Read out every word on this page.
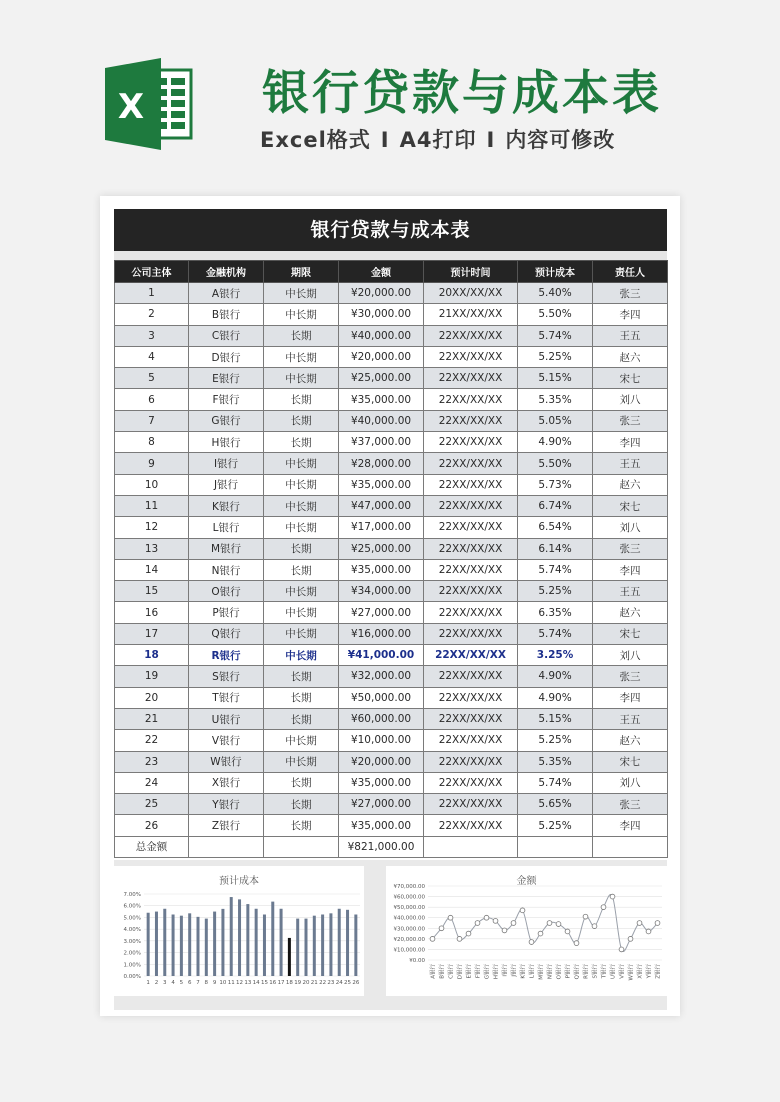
X	银行贷款与成本表
Excel格式 I A4打印 I 内容可修改
银行贷款与成本表
公司主体	金融机构	期限	金额	预计时间	预计成本	责任人
1	A银行	中长期	¥20,000.00	20XX/XX/XX	5.40%	张三
2	B银行	中长期	¥30,000.00	21XX/XX/XX	5.50%	李四
3	C银行	长期	¥40,000.00	22XX/XX/XX	5.74%	王五
4	D银行	中长期	¥20,000.00	22XX/XX/XX	5.25%	赵六
5	E银行	中长期	¥25,000.00	22XX/XX/XX	5.15%	宋七
6	F银行	长期	¥35,000.00	22XX/XX/XX	5.35%	刘八
7	G银行	长期	¥40,000.00	22XX/XX/XX	5.05%	张三
8	H银行	长期	¥37,000.00	22XX/XX/XX	4.90%	李四
9	I银行	中长期	¥28,000.00	22XX/XX/XX	5.50%	王五
10	J银行	中长期	¥35,000.00	22XX/XX/XX	5.73%	赵六
11	K银行	中长期	¥47,000.00	22XX/XX/XX	6.74%	宋七
12	L银行	中长期	¥17,000.00	22XX/XX/XX	6.54%	刘八
13	M银行	长期	¥25,000.00	22XX/XX/XX	6.14%	张三
14	N银行	长期	¥35,000.00	22XX/XX/XX	5.74%	李四
15	O银行	中长期	¥34,000.00	22XX/XX/XX	5.25%	王五
16	P银行	中长期	¥27,000.00	22XX/XX/XX	6.35%	赵六
17	Q银行	中长期	¥16,000.00	22XX/XX/XX	5.74%	宋七
18	R银行	中长期	¥41,000.00	22XX/XX/XX	3.25%	刘八
19	S银行	长期	¥32,000.00	22XX/XX/XX	4.90%	张三
20	T银行	长期	¥50,000.00	22XX/XX/XX	4.90%	李四
21	U银行	长期	¥60,000.00	22XX/XX/XX	5.15%	王五
22	V银行	中长期	¥10,000.00	22XX/XX/XX	5.25%	赵六
23	W银行	中长期	¥20,000.00	22XX/XX/XX	5.35%	宋七
24	X银行	长期	¥35,000.00	22XX/XX/XX	5.74%	刘八
25	Y银行	长期	¥27,000.00	22XX/XX/XX	5.65%	张三
26	Z银行	长期	¥35,000.00	22XX/XX/XX	5.25%	李四
总金额			¥821,000.00			
预计成本
0.00%
1.00%
2.00%
3.00%
4.00%
5.00%
6.00%
7.00%
1 2 3 4 5 6 7 8 9 10 11 12 13 14 15 16 17 18 19 20 21 22 23 24 25 26
金额
¥0.00
¥10,000.00
¥20,000.00
¥30,000.00
¥40,000.00
¥50,000.00
¥60,000.00
¥70,000.00
A银行 B银行 C银行 D银行 E银行 F银行 G银行 H银行 I银行 J银行 K银行 L银行 M银行 N银行 O银行 P银行 Q银行 R银行 S银行 T银行 U银行 V银行 W银行 X银行 Y银行 Z银行
